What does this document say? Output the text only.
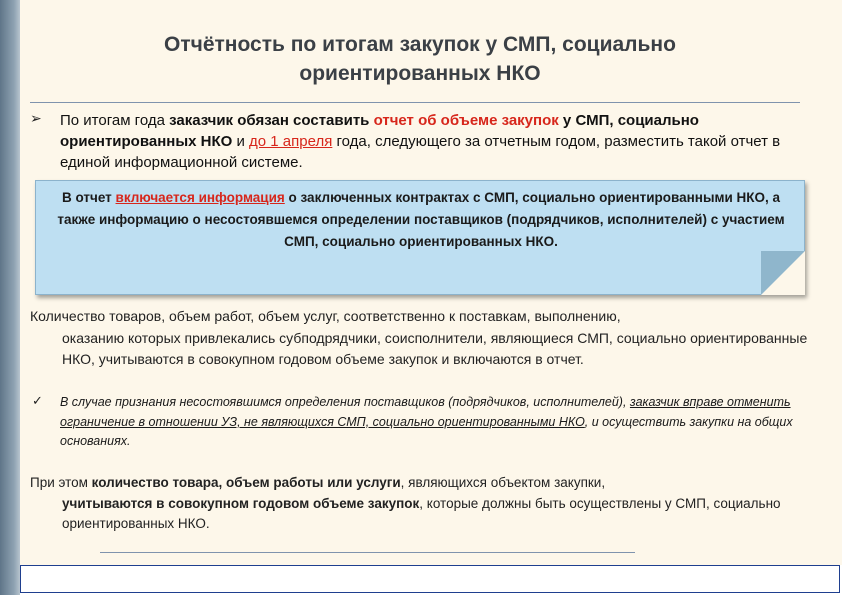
Отчётность по итогам закупок у СМП, социально
ориентированных НКО
➢ По итогам года заказчик обязан составить отчет об объеме закупок у СМП, социально ориентированных НКО и до 1 апреля года, следующего за отчетным годом, разместить такой отчет в единой информационной системе.
В отчет включается информация о заключенных контрактах с СМП, социально ориентированными НКО, а также информацию о несостоявшемся определении поставщиков (подрядчиков, исполнителей) с участием СМП, социально ориентированных НКО.
Количество товаров, объем работ, объем услуг, соответственно к поставкам, выполнению,
оказанию которых привлекались субподрядчики, соисполнители, являющиеся СМП, социально ориентированные НКО, учитываются в совокупном годовом объеме закупок и включаются в отчет.
✓ В случае признания несостоявшимся определения поставщиков (подрядчиков, исполнителей), заказчик вправе отменить ограничение в отношении УЗ, не являющихся СМП, социально ориентированными НКО, и осуществить закупки на общих основаниях.
При этом количество товара, объем работы или услуги, являющихся объектом закупки,
учитываются в совокупном годовом объеме закупок, которые должны быть осуществлены у СМП, социально ориентированных НКО.
